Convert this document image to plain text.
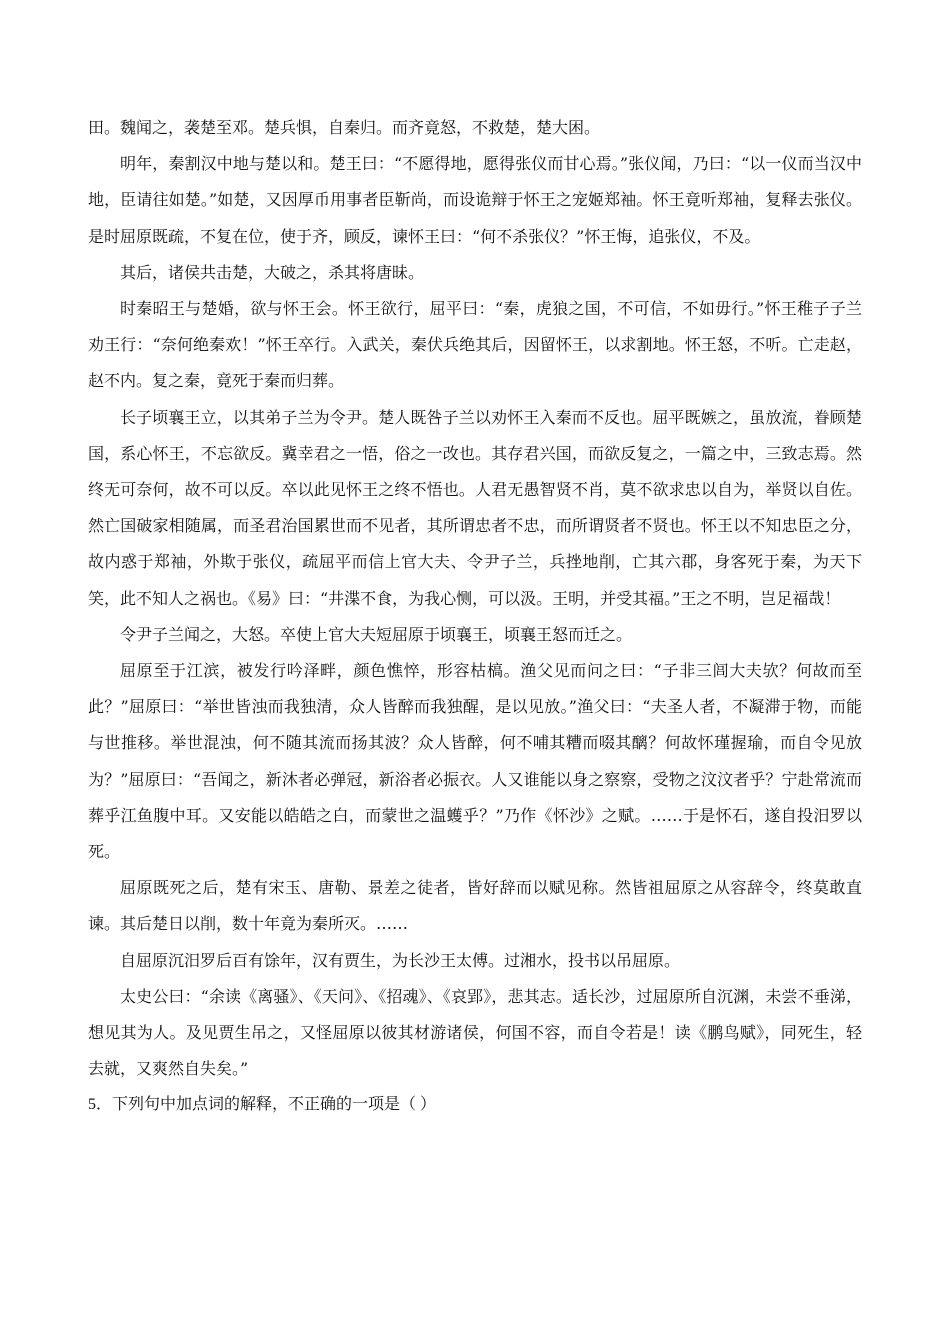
田。魏闻之，袭楚至邓。楚兵惧，自秦归。而齐竟怒，不救楚，楚大困。

明年，秦割汉中地与楚以和。楚王曰：“不愿得地，愿得张仪而甘心焉。”张仪闻，乃曰：“以一仪而当汉中地，臣请往如楚。”如楚，又因厚币用事者臣靳尚，而设诡辩于怀王之宠姬郑袖。怀王竟听郑袖，复释去张仪。是时屈原既疏，不复在位，使于齐，顾反，谏怀王曰：“何不杀张仪？”怀王悔，追张仪，不及。

其后，诸侯共击楚，大破之，杀其将唐昧。

时秦昭王与楚婚，欲与怀王会。怀王欲行，屈平曰：“秦，虎狼之国，不可信，不如毋行。”怀王稚子子兰劝王行：“奈何绝秦欢！”怀王卒行。入武关，秦伏兵绝其后，因留怀王，以求割地。怀王怒，不听。亡走赵，赵不内。复之秦，竟死于秦而归葬。

长子顷襄王立，以其弟子兰为令尹。楚人既咎子兰以劝怀王入秦而不反也。屈平既嫉之，虽放流，眷顾楚国，系心怀王，不忘欲反。冀幸君之一悟，俗之一改也。其存君兴国，而欲反复之，一篇之中，三致志焉。然终无可奈何，故不可以反。卒以此见怀王之终不悟也。人君无愚智贤不肖，莫不欲求忠以自为，举贤以自佐。然亡国破家相随属，而圣君治国累世而不见者，其所谓忠者不忠，而所谓贤者不贤也。怀王以不知忠臣之分，故内惑于郑袖，外欺于张仪，疏屈平而信上官大夫、令尹子兰，兵挫地削，亡其六郡，身客死于秦，为天下笑，此不知人之祸也。《易》曰：“井渫不食，为我心恻，可以汲。王明，并受其福。”王之不明，岂足福哉！

令尹子兰闻之，大怒。卒使上官大夫短屈原于顷襄王，顷襄王怒而迁之。

屈原至于江滨，被发行吟泽畔，颜色憔悴，形容枯槁。渔父见而问之曰：“子非三闾大夫欤？何故而至此？”屈原曰：“举世皆浊而我独清，众人皆醉而我独醒，是以见放。”渔父曰：“夫圣人者，不凝滞于物，而能与世推移。举世混浊，何不随其流而扬其波？众人皆醉，何不哺其糟而啜其醨？何故怀瑾握瑜，而自令见放为？”屈原曰：“吾闻之，新沐者必弹冠，新浴者必振衣。人又谁能以身之察察，受物之汶汶者乎？宁赴常流而葬乎江鱼腹中耳。又安能以皓皓之白，而蒙世之温蠖乎？”乃作《怀沙》之赋。……于是怀石，遂自投汨罗以死。

屈原既死之后，楚有宋玉、唐勒、景差之徒者，皆好辞而以赋见称。然皆祖屈原之从容辞令，终莫敢直谏。其后楚日以削，数十年竟为秦所灭。……

自屈原沉汨罗后百有馀年，汉有贾生，为长沙王太傅。过湘水，投书以吊屈原。

太史公曰：“余读《离骚》、《天问》、《招魂》、《哀郢》，悲其志。适长沙，过屈原所自沉渊，未尝不垂涕，想见其为人。及见贾生吊之，又怪屈原以彼其材游诸侯，何国不容，而自令若是！读《鹏鸟赋》，同死生，轻去就，又爽然自失矣。”

5．下列句中加点词的解释，不正确的一项是（ ）
